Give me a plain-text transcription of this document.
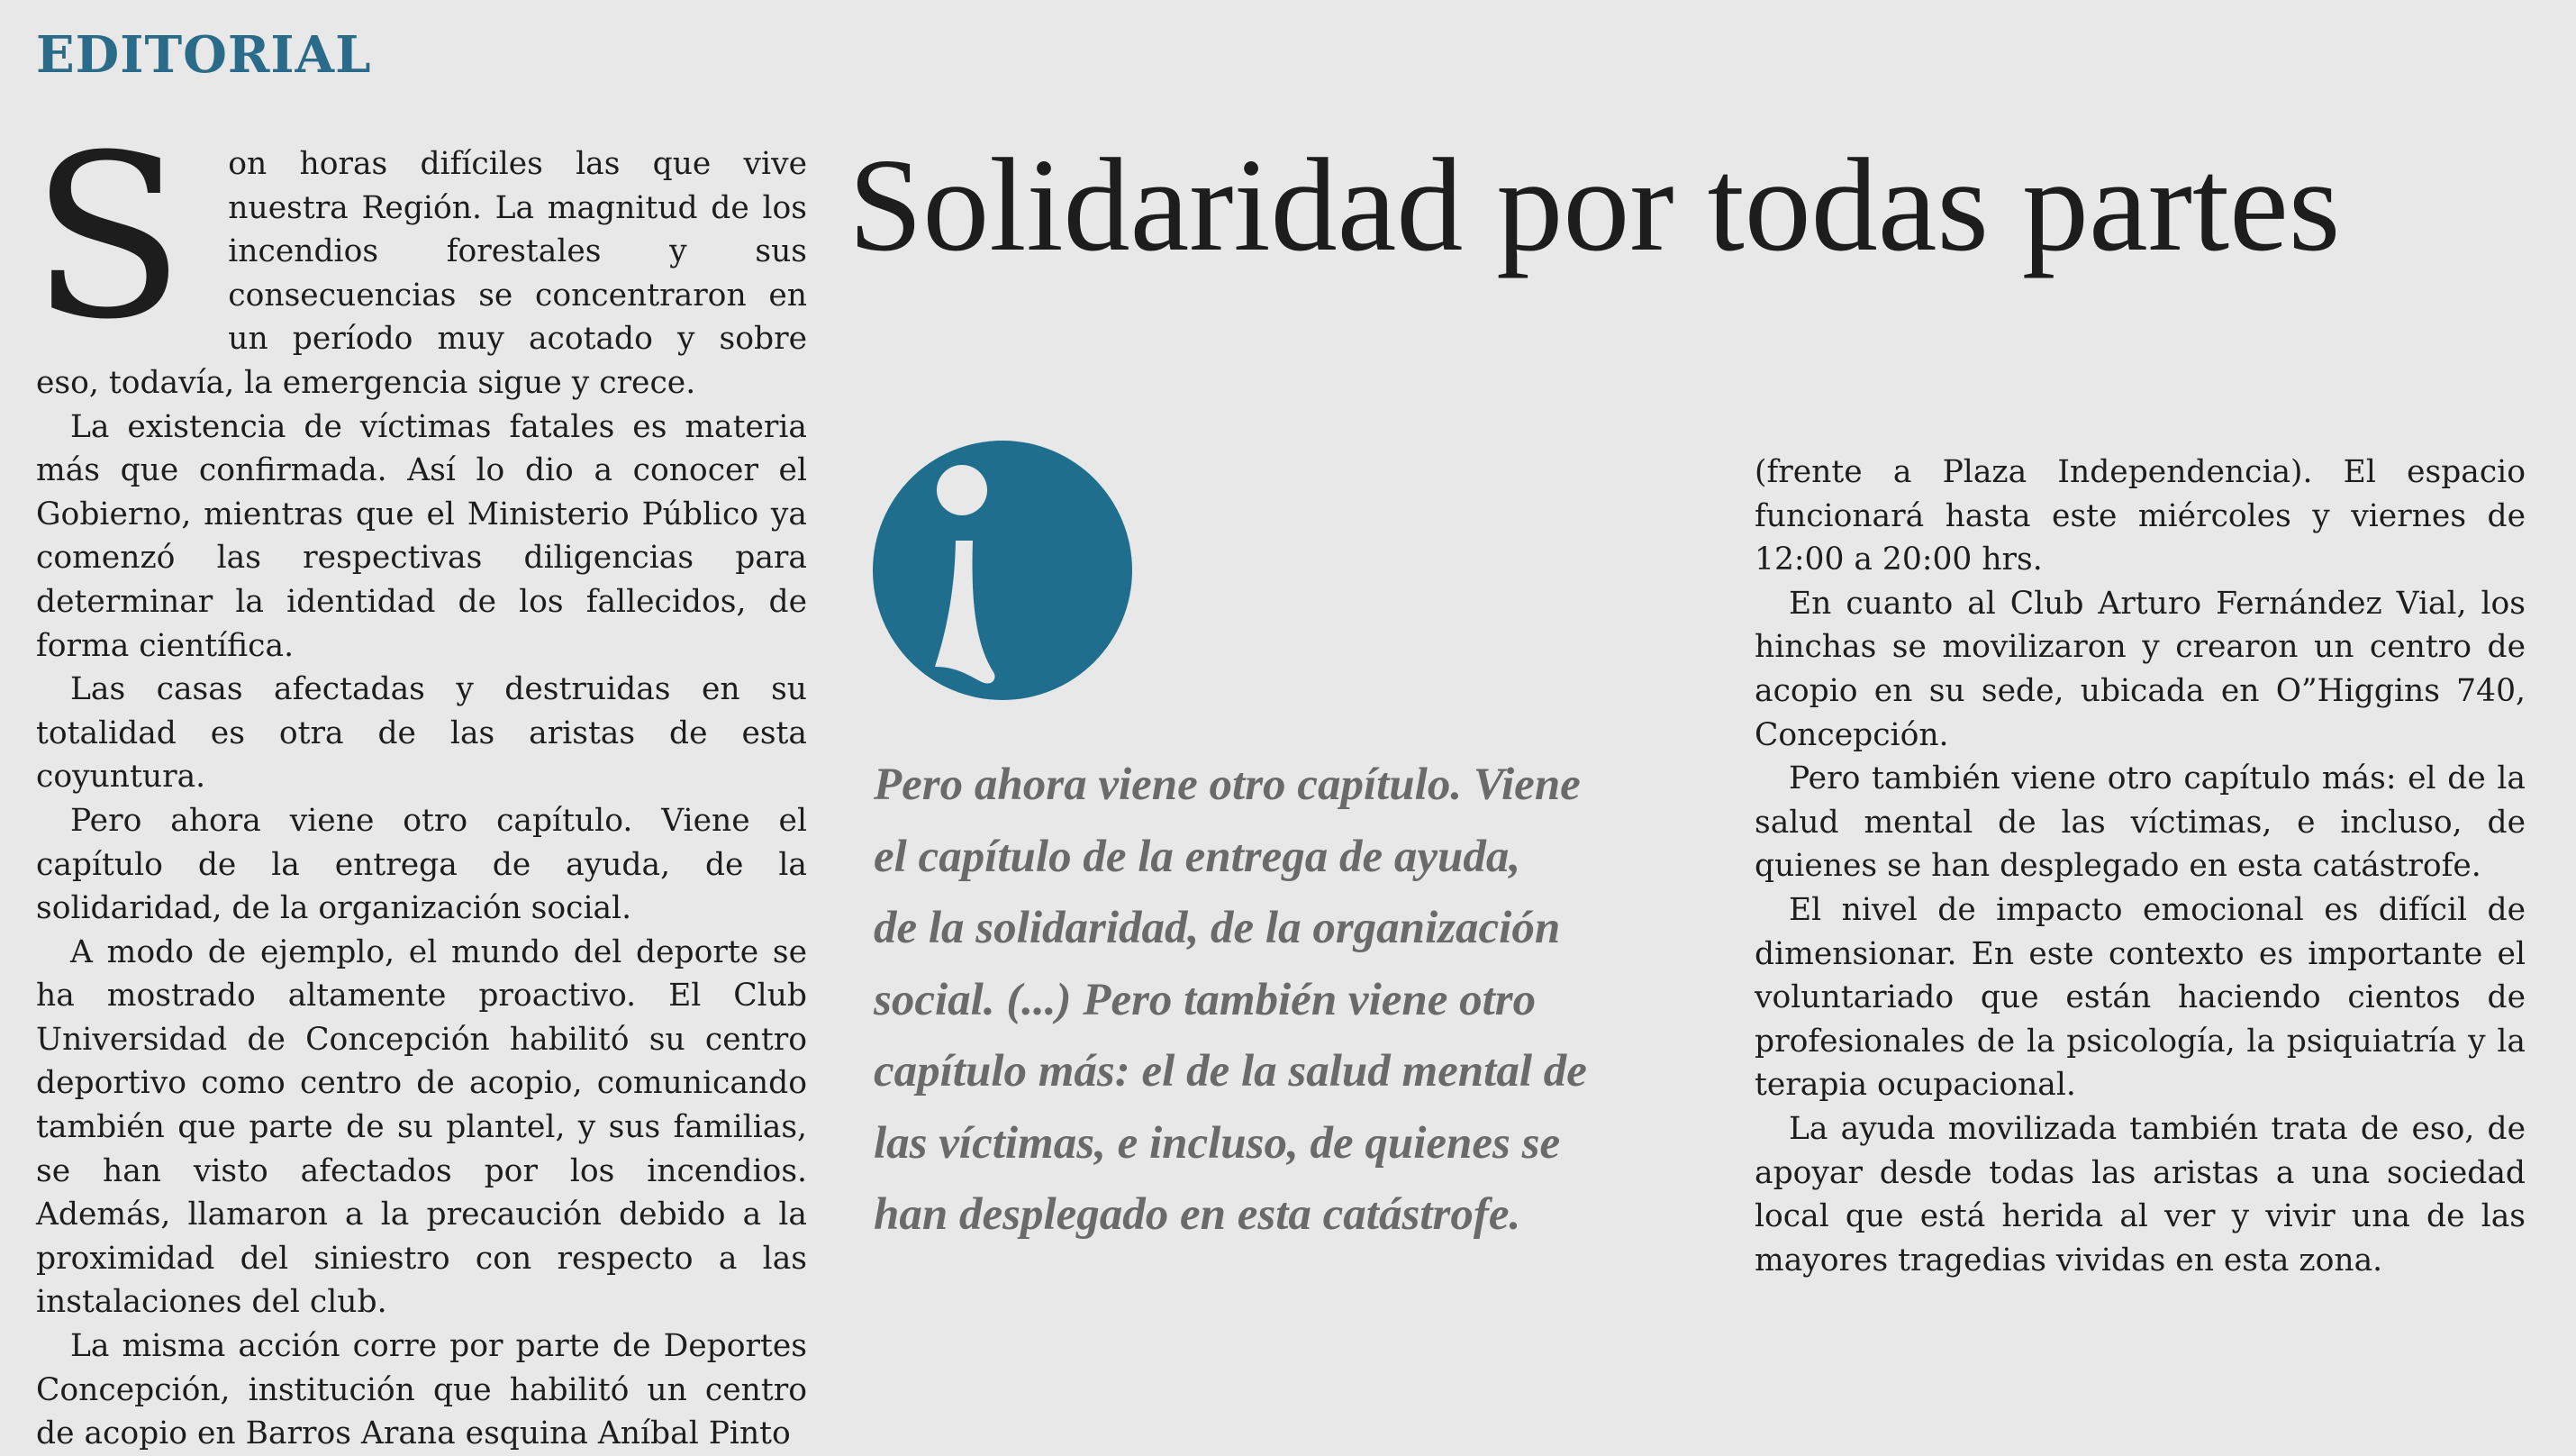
EDITORIAL

S on horas difíciles las que vive nuestra Región. La magnitud de los incendios forestales y sus consecuencias se concentraron en un período muy acotado y sobre eso, todavía, la emergencia sigue y crece.

La existencia de víctimas fatales es materia más que confirmada. Así lo dio a conocer el Gobierno, mientras que el Ministerio Público ya comenzó las respectivas diligencias para determinar la identidad de los fallecidos, de forma científica.

Las casas afectadas y destruidas en su totalidad es otra de las aristas de esta coyuntura.

Pero ahora viene otro capítulo. Viene el capítulo de la entrega de ayuda, de la solidaridad, de la organización social.

A modo de ejemplo, el mundo del deporte se ha mostrado altamente proactivo. El Club Universidad de Concepción habilitó su centro deportivo como centro de acopio, comunicando también que parte de su plantel, y sus familias, se han visto afectados por los incendios. Además, llamaron a la precaución debido a la proximidad del siniestro con respecto a las instalaciones del club.

La misma acción corre por parte de Deportes Concepción, institución que habilitó un centro de acopio en Barros Arana esquina Aníbal Pinto

Solidaridad por todas partes
Pero ahora viene otro capítulo. Viene
el capítulo de la entrega de ayuda,
de la solidaridad, de la organización
social. (...) Pero también viene otro
capítulo más: el de la salud mental de
las víctimas, e incluso, de quienes se
han desplegado en esta catástrofe.

(frente a Plaza Independencia). El espacio funcionará hasta este miércoles y viernes de 12:00 a 20:00 hrs.

En cuanto al Club Arturo Fernández Vial, los hinchas se movilizaron y crearon un centro de acopio en su sede, ubicada en O”Higgins 740, Concepción.

Pero también viene otro capítulo más: el de la salud mental de las víctimas, e incluso, de quienes se han desplegado en esta catástrofe.

El nivel de impacto emocional es difícil de dimensionar. En este contexto es importante el voluntariado que están haciendo cientos de profesionales de la psicología, la psiquiatría y la terapia ocupacional.

La ayuda movilizada también trata de eso, de apoyar desde todas las aristas a una sociedad local que está herida al ver y vivir una de las mayores tragedias vividas en esta zona.
